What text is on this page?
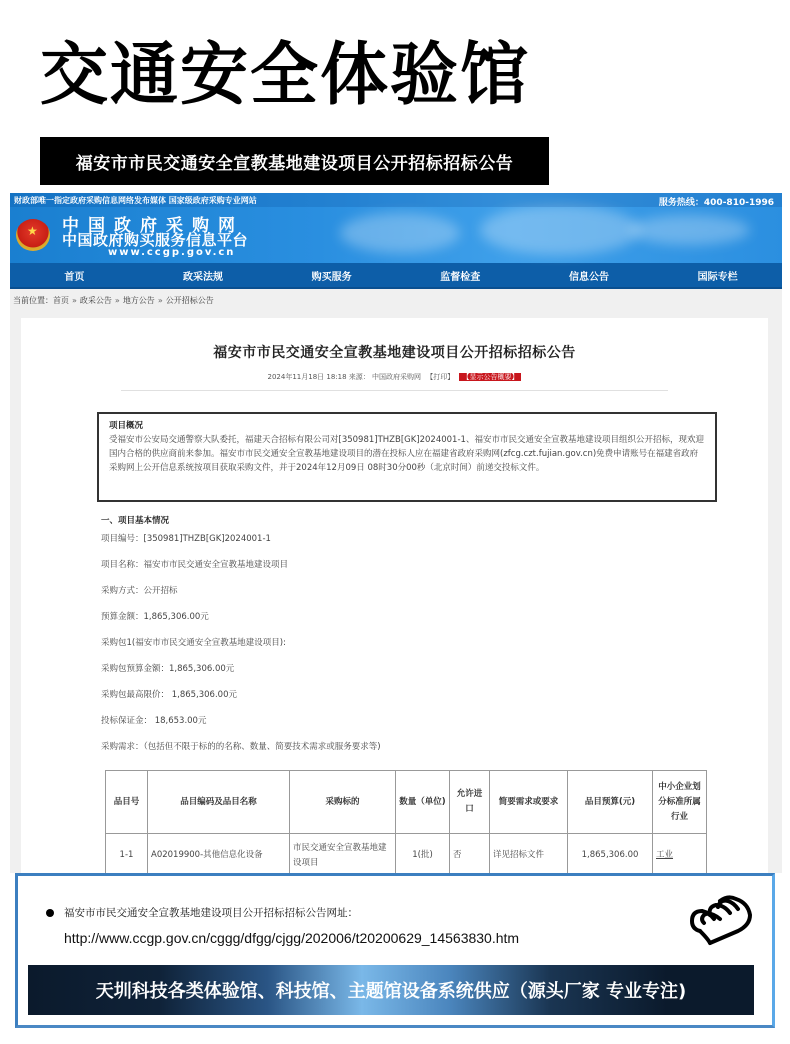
交通安全体验馆
福安市市民交通安全宣教基地建设项目公开招标招标公告
财政部唯一指定政府采购信息网络发布媒体 国家级政府采购专业网站	服务热线：400-810-1996
★ 中国政府采购网
中国政府购买服务信息平台
www.ccgp.gov.cn
首页	政采法规	购买服务	监督检查	信息公告	国际专栏
当前位置： 首页 » 政采公告 » 地方公告 » 公开招标公告
福安市市民交通安全宣教基地建设项目公开招标招标公告
2024年11月18日 18:18 来源： 中国政府采购网 【打印】 【显示公告概要】
项目概况
受福安市公安局交通警察大队委托，福建天合招标有限公司对[350981]THZB[GK]2024001-1、福安市市民交通安全宣教基地建设项目组织公开招标，现欢迎国内合格的供应商前来参加。福安市市民交通安全宣教基地建设项目的潜在投标人应在福建省政府采购网(zfcg.czt.fujian.gov.cn)免费申请账号在福建省政府采购网上公开信息系统按项目获取采购文件，并于2024年12月09日 08时30分00秒（北京时间）前递交投标文件。
一、项目基本情况
项目编号：[350981]THZB[GK]2024001-1
项目名称：福安市市民交通安全宣教基地建设项目
采购方式：公开招标
预算金额：1,865,306.00元
采购包1(福安市市民交通安全宣教基地建设项目):
采购包预算金额：1,865,306.00元
采购包最高限价： 1,865,306.00元
投标保证金： 18,653.00元
采购需求：（包括但不限于标的的名称、数量、简要技术需求或服务要求等)
品目号	品目编码及品目名称	采购标的	数量（单位)	允许进口	简要需求或要求	品目预算(元)	中小企业划分标准所属行业
1-1	A02019900-其他信息化设备	市民交通安全宣教基地建设项目	1(批)	否	详见招标文件	1,865,306.00	工业
福安市市民交通安全宣教基地建设项目公开招标招标公告网址：
http://www.ccgp.gov.cn/cggg/dfgg/cjgg/202006/t20200629_14563830.htm
天圳科技各类体验馆、科技馆、主题馆设备系统供应（源头厂家 专业专注)
